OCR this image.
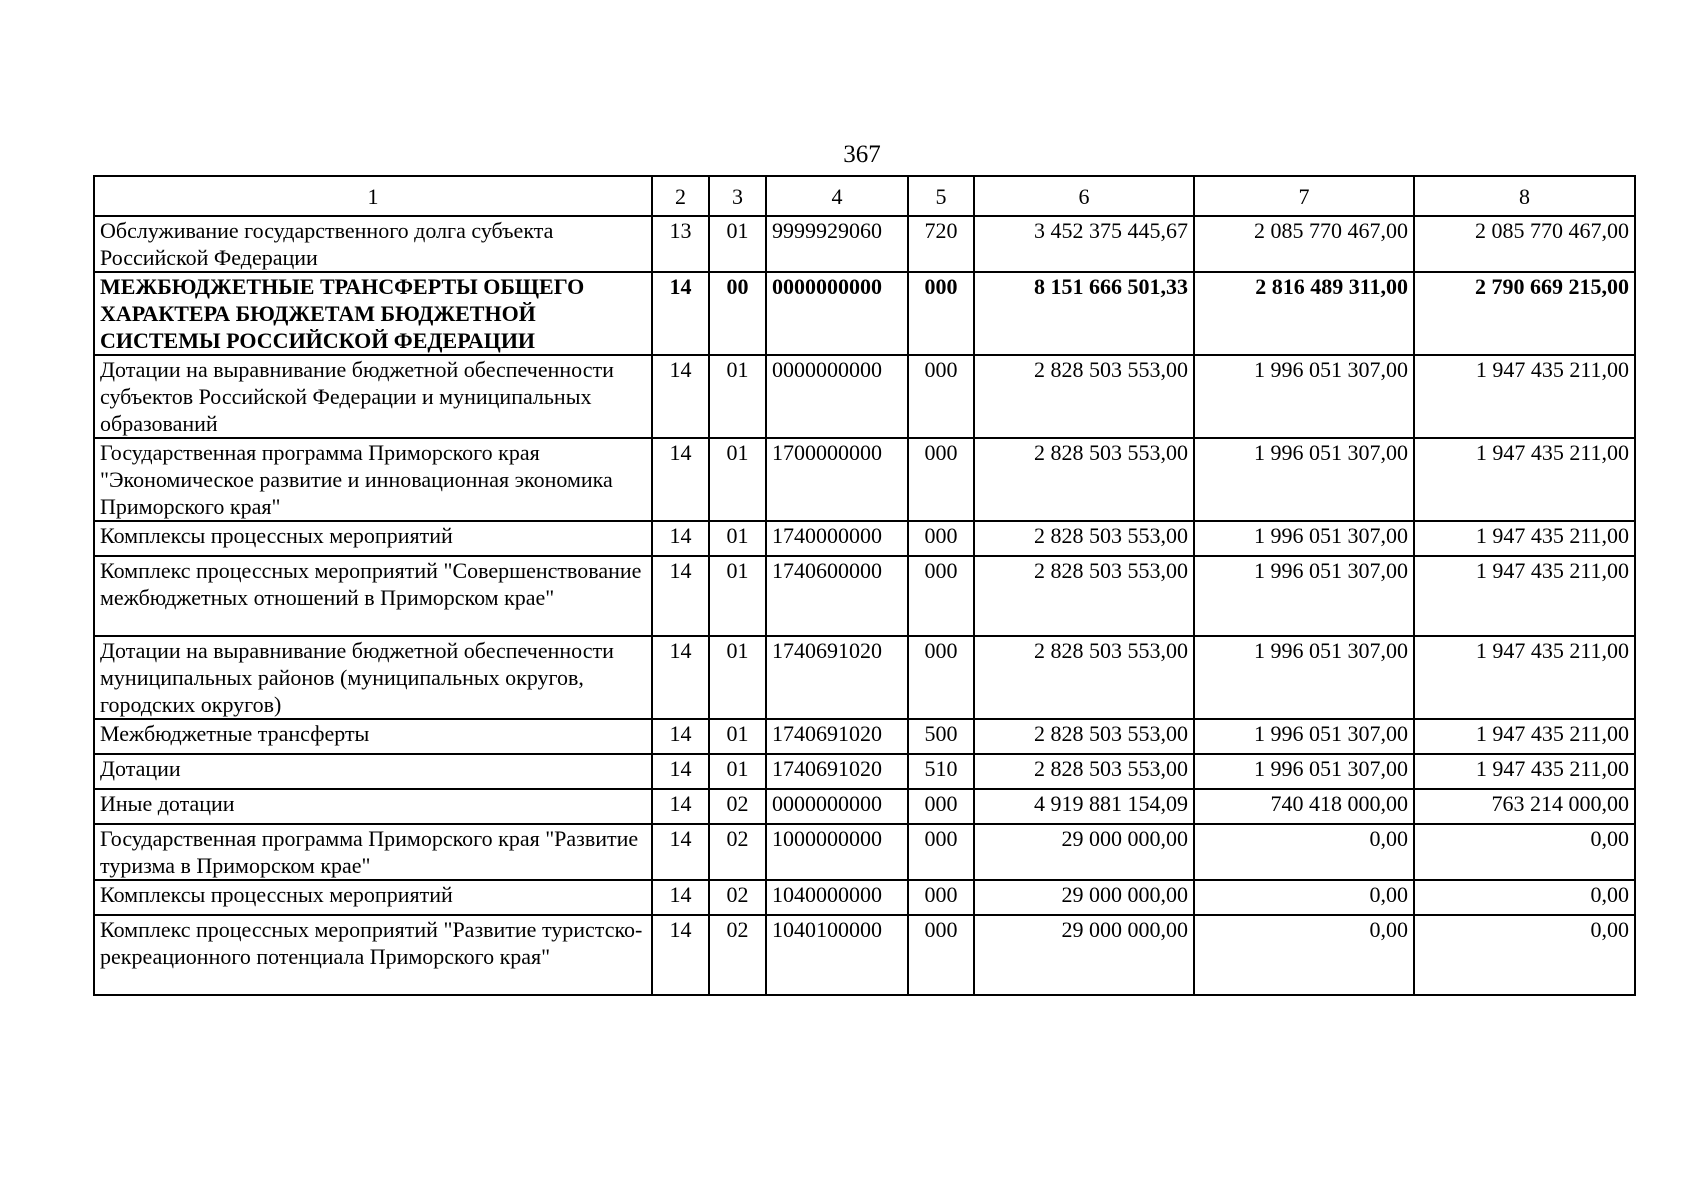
367
1	2	3	4	5	6	7	8
Обслуживание государственного долга субъекта Российской Федерации	13	01	9999929060	720	3 452 375 445,67	2 085 770 467,00	2 085 770 467,00
МЕЖБЮДЖЕТНЫЕ ТРАНСФЕРТЫ ОБЩЕГО ХАРАКТЕРА БЮДЖЕТАМ БЮДЖЕТНОЙ СИСТЕМЫ РОССИЙСКОЙ ФЕДЕРАЦИИ	14	00	0000000000	000	8 151 666 501,33	2 816 489 311,00	2 790 669 215,00
Дотации на выравнивание бюджетной обеспеченности субъектов Российской Федерации и муниципальных образований	14	01	0000000000	000	2 828 503 553,00	1 996 051 307,00	1 947 435 211,00
Государственная программа Приморского края "Экономическое развитие и инновационная экономика Приморского края"	14	01	1700000000	000	2 828 503 553,00	1 996 051 307,00	1 947 435 211,00
Комплексы процессных мероприятий	14	01	1740000000	000	2 828 503 553,00	1 996 051 307,00	1 947 435 211,00
Комплекс процессных мероприятий "Совершенствование межбюджетных отношений в Приморском крае"	14	01	1740600000	000	2 828 503 553,00	1 996 051 307,00	1 947 435 211,00
Дотации на выравнивание бюджетной обеспеченности муниципальных районов (муниципальных округов, городских округов)	14	01	1740691020	000	2 828 503 553,00	1 996 051 307,00	1 947 435 211,00
Межбюджетные трансферты	14	01	1740691020	500	2 828 503 553,00	1 996 051 307,00	1 947 435 211,00
Дотации	14	01	1740691020	510	2 828 503 553,00	1 996 051 307,00	1 947 435 211,00
Иные дотации	14	02	0000000000	000	4 919 881 154,09	740 418 000,00	763 214 000,00
Государственная программа Приморского края "Развитие туризма в Приморском крае"	14	02	1000000000	000	29 000 000,00	0,00	0,00
Комплексы процессных мероприятий	14	02	1040000000	000	29 000 000,00	0,00	0,00
Комплекс процессных мероприятий "Развитие туристско-рекреационного потенциала Приморского края"	14	02	1040100000	000	29 000 000,00	0,00	0,00
